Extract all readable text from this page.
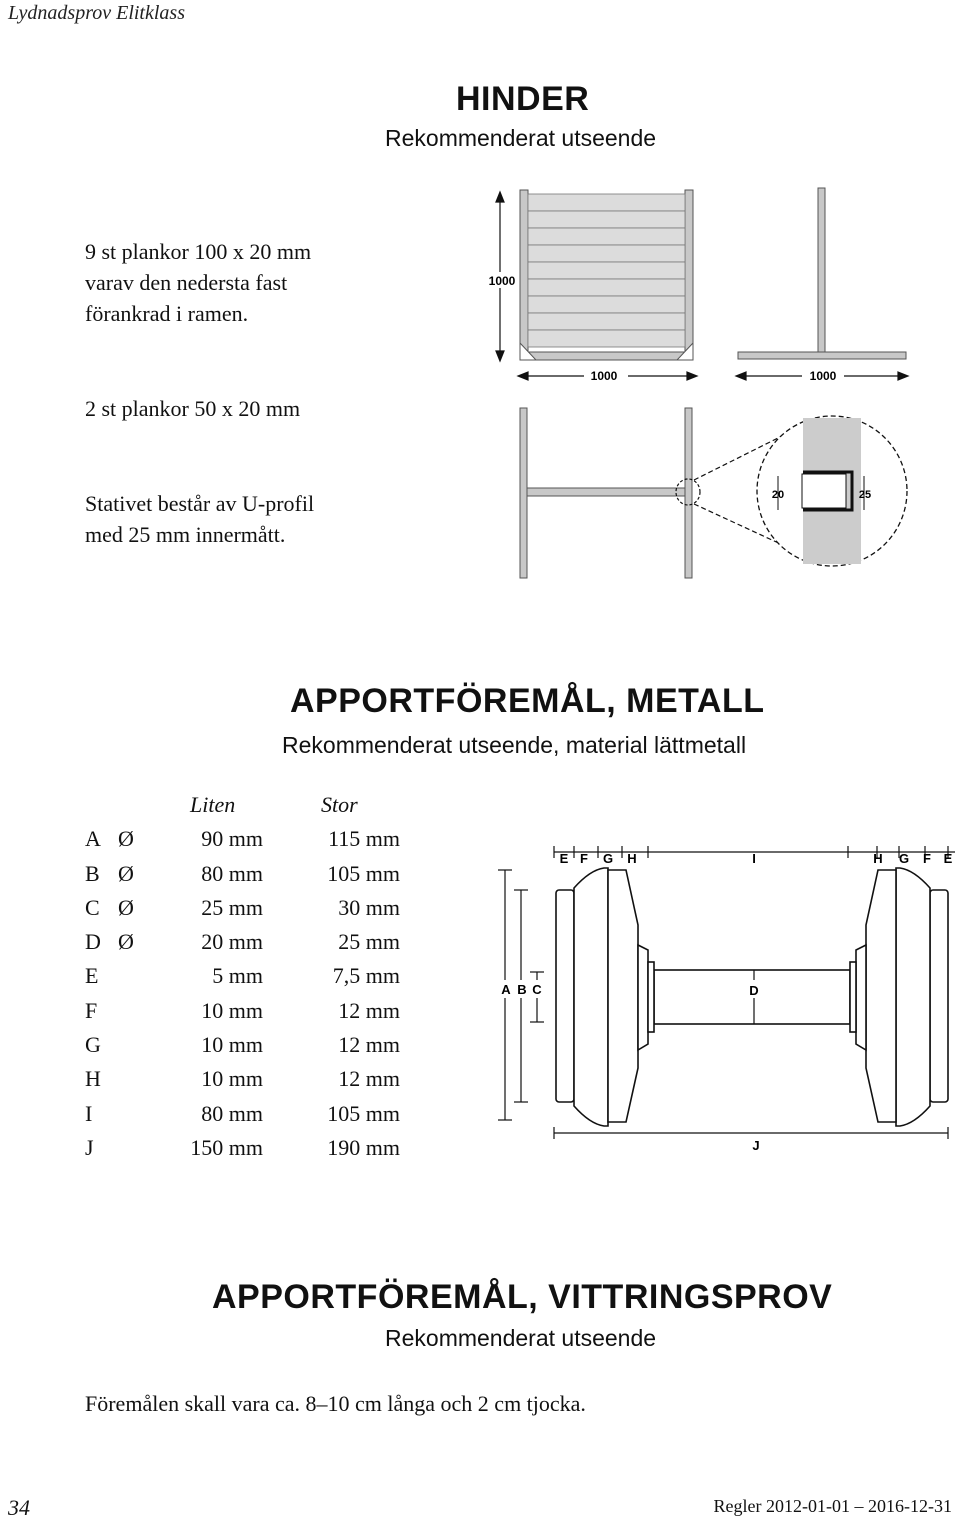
Lydnadsprov Elitklass
HINDER
Rekommenderat utseende
9 st plankor 100 x 20 mm
varav den nedersta fast
förankrad i ramen.
2 st plankor 50 x 20 mm
Stativet består av U-profil
med 25 mm innermått.
1000
1000	1000
20	25
APPORTFÖREMÅL, METALL
Rekommenderat utseende, material lättmetall
Liten	Stor
A Ø	90 mm	115 mm
B Ø	80 mm	105 mm
C Ø	25 mm	30 mm
D Ø	20 mm	25 mm
E	5 mm	7,5 mm
F	10 mm	12 mm
G	10 mm	12 mm
H	10 mm	12 mm
I	80 mm	105 mm
J	150 mm	190 mm
E F G H	I	H G F E
A B C	D
J
APPORTFÖREMÅL, VITTRINGSPROV
Rekommenderat utseende
Föremålen skall vara ca. 8–10 cm långa och 2 cm tjocka.
34	Regler 2012-01-01 – 2016-12-31
